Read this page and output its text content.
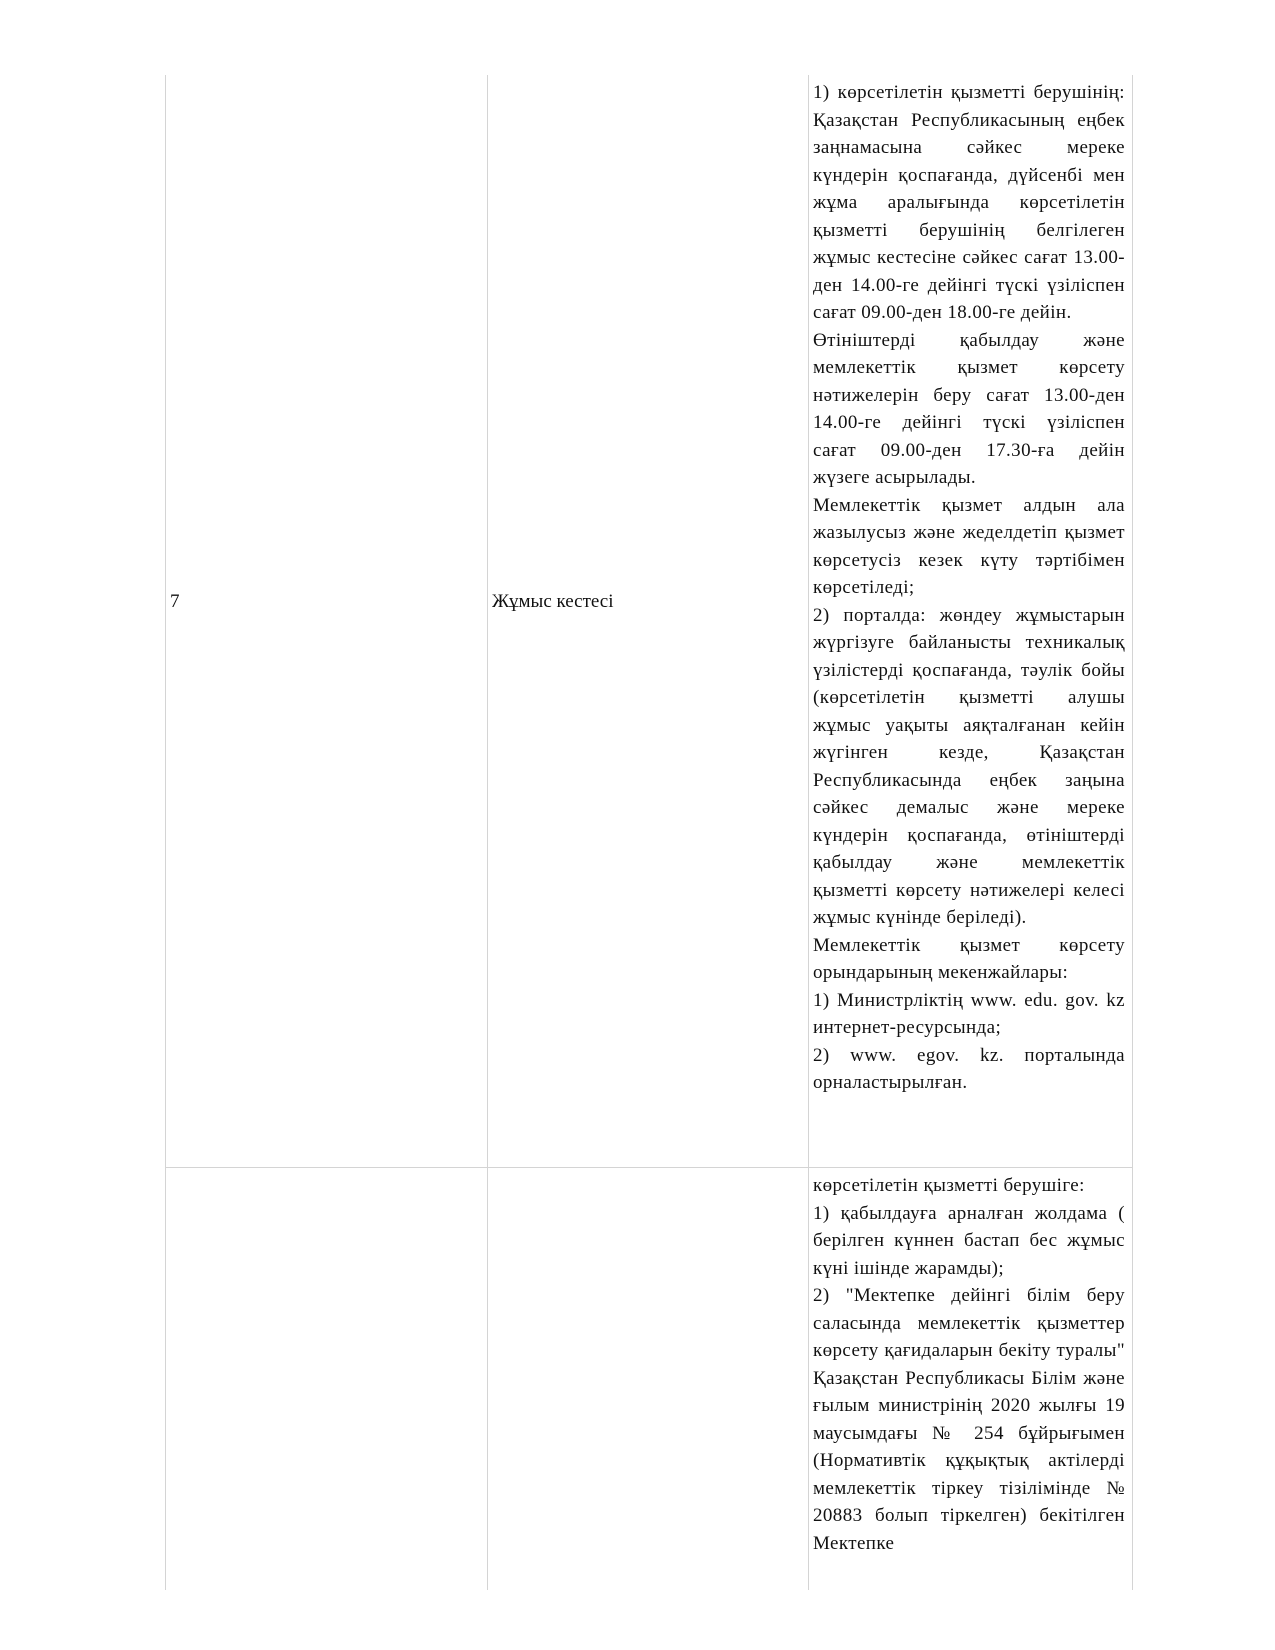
7	Жұмыс кестесі

1) көрсетілетін қызметті берушінің: Қазақстан Республикасының еңбек заңнамасына сәйкес мереке күндерін қоспағанда, дүйсенбі мен жұма аралығында көрсетілетін қызметті берушінің белгілеген жұмыс кестесіне сәйкес сағат 13.00-ден 14.00-ге дейінгі түскі үзіліспен сағат 09.00-ден 18.00-ге дейін.

Өтініштерді қабылдау және мемлекеттік қызмет көрсету нәтижелерін беру сағат 13.00-ден 14.00-ге дейінгі түскі үзіліспен сағат 09.00-ден 17.30-ға дейін жүзеге асырылады.

Мемлекеттік қызмет алдын ала жазылусыз және жеделдетіп қызмет көрсетусіз кезек күту тәртібімен көрсетіледі;

2) порталда: жөндеу жұмыстарын жүргізуге байланысты техникалық үзілістерді қоспағанда, тәулік бойы (көрсетілетін қызметті алушы жұмыс уақыты аяқталғанан кейін жүгінген кезде, Қазақстан Республикасында еңбек заңына сәйкес демалыс және мереке күндерін қоспағанда, өтініштерді қабылдау және мемлекеттік қызметті көрсету нәтижелері келесі жұмыс күнінде беріледі).

Мемлекеттік қызмет көрсету орындарының мекенжайлары:

1) Министрліктің www. edu. gov. kz интернет-ресурсында;

2) www. egov. kz. порталында орналастырылған.

көрсетілетін қызметті берушіге:

1) қабылдауға арналған жолдама ( берілген күннен бастап бес жұмыс күні ішінде жарамды);

2) "Мектепке дейінгі білім беру саласында мемлекеттік қызметтер көрсету қағидаларын бекіту туралы" Қазақстан Республикасы Білім және ғылым министрінің 2020 жылғы 19 маусымдағы № 254 бұйрығымен (Нормативтік құқықтық актілерді мемлекеттік тіркеу тізілімінде № 20883 болып тіркелген) бекітілген Мектепке
